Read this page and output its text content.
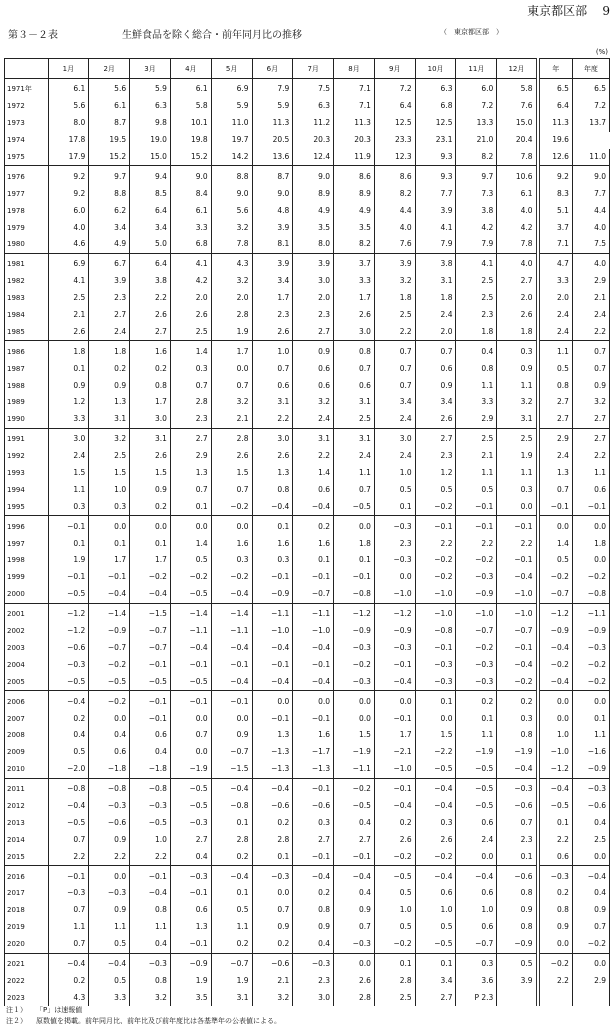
東京都区部 9
第３－２表	生鮮食品を除く総合・前年同月比の推移	（　東京都区部　）
(%)
	1月	2月	3月	4月	5月	6月	7月	8月	9月	10月	11月	12月	年	年度
1971年	6.1	5.6	5.9	6.1	6.9	7.9	7.5	7.1	7.2	6.3	6.0	5.8	6.5	6.5
1972	5.6	6.1	6.3	5.8	5.9	5.9	6.3	7.1	6.4	6.8	7.2	7.6	6.4	7.2
1973	8.0	8.7	9.8	10.1	11.0	11.3	11.2	11.3	12.5	12.5	13.3	15.0	11.3	13.7
1974	17.8	19.5	19.0	19.8	19.7	20.5	20.3	20.3	23.3	23.1	21.0	20.4	19.6	
1975	17.9	15.2	15.0	15.2	14.2	13.6	12.4	11.9	12.3	9.3	8.2	7.8	12.6	11.0
1976	9.2	9.7	9.4	9.0	8.8	8.7	9.0	8.6	8.6	9.3	9.7	10.6	9.2	9.0
1977	9.2	8.8	8.5	8.4	9.0	9.0	8.9	8.9	8.2	7.7	7.3	6.1	8.3	7.7
1978	6.0	6.2	6.4	6.1	5.6	4.8	4.9	4.9	4.4	3.9	3.8	4.0	5.1	4.4
1979	4.0	3.4	3.4	3.3	3.2	3.9	3.5	3.5	4.0	4.1	4.2	4.2	3.7	4.0
1980	4.6	4.9	5.0	6.8	7.8	8.1	8.0	8.2	7.6	7.9	7.9	7.8	7.1	7.5
1981	6.9	6.7	6.4	4.1	4.3	3.9	3.9	3.7	3.9	3.8	4.1	4.0	4.7	4.0
1982	4.1	3.9	3.8	4.2	3.2	3.4	3.0	3.3	3.2	3.1	2.5	2.7	3.3	2.9
1983	2.5	2.3	2.2	2.0	2.0	1.7	2.0	1.7	1.8	1.8	2.5	2.0	2.0	2.1
1984	2.1	2.7	2.6	2.6	2.8	2.3	2.3	2.6	2.5	2.4	2.3	2.6	2.4	2.4
1985	2.6	2.4	2.7	2.5	1.9	2.6	2.7	3.0	2.2	2.0	1.8	1.8	2.4	2.2
1986	1.8	1.8	1.6	1.4	1.7	1.0	0.9	0.8	0.7	0.7	0.4	0.3	1.1	0.7
1987	0.1	0.2	0.2	0.3	0.0	0.7	0.6	0.7	0.7	0.6	0.8	0.9	0.5	0.7
1988	0.9	0.9	0.8	0.7	0.7	0.6	0.6	0.6	0.7	0.9	1.1	1.1	0.8	0.9
1989	1.2	1.3	1.7	2.8	3.2	3.1	3.2	3.1	3.4	3.4	3.3	3.2	2.7	3.2
1990	3.3	3.1	3.0	2.3	2.1	2.2	2.4	2.5	2.4	2.6	2.9	3.1	2.7	2.7
1991	3.0	3.2	3.1	2.7	2.8	3.0	3.1	3.1	3.0	2.7	2.5	2.5	2.9	2.7
1992	2.4	2.5	2.6	2.9	2.6	2.6	2.2	2.4	2.4	2.3	2.1	1.9	2.4	2.2
1993	1.5	1.5	1.5	1.3	1.5	1.3	1.4	1.1	1.0	1.2	1.1	1.1	1.3	1.1
1994	1.1	1.0	0.9	0.7	0.7	0.8	0.6	0.7	0.5	0.5	0.5	0.3	0.7	0.6
1995	0.3	0.3	0.2	0.1	−0.2	−0.4	−0.4	−0.5	0.1	−0.2	−0.1	0.0	−0.1	−0.1
1996	−0.1	0.0	0.0	0.0	0.0	0.1	0.2	0.0	−0.3	−0.1	−0.1	−0.1	0.0	0.0
1997	0.1	0.1	0.1	1.4	1.6	1.6	1.6	1.8	2.3	2.2	2.2	2.2	1.4	1.8
1998	1.9	1.7	1.7	0.5	0.3	0.3	0.1	0.1	−0.3	−0.2	−0.2	−0.1	0.5	0.0
1999	−0.1	−0.1	−0.2	−0.2	−0.2	−0.1	−0.1	−0.1	0.0	−0.2	−0.3	−0.4	−0.2	−0.2
2000	−0.5	−0.4	−0.4	−0.5	−0.4	−0.9	−0.7	−0.8	−1.0	−1.0	−0.9	−1.0	−0.7	−0.8
2001	−1.2	−1.4	−1.5	−1.4	−1.4	−1.1	−1.1	−1.2	−1.2	−1.0	−1.0	−1.0	−1.2	−1.1
2002	−1.2	−0.9	−0.7	−1.1	−1.1	−1.0	−1.0	−0.9	−0.9	−0.8	−0.7	−0.7	−0.9	−0.9
2003	−0.6	−0.7	−0.7	−0.4	−0.4	−0.4	−0.4	−0.3	−0.3	−0.1	−0.2	−0.1	−0.4	−0.3
2004	−0.3	−0.2	−0.1	−0.1	−0.1	−0.1	−0.1	−0.2	−0.1	−0.3	−0.3	−0.4	−0.2	−0.2
2005	−0.5	−0.5	−0.5	−0.5	−0.4	−0.4	−0.4	−0.3	−0.4	−0.3	−0.3	−0.2	−0.4	−0.2
2006	−0.4	−0.2	−0.1	−0.1	−0.1	0.0	0.0	0.0	0.0	0.1	0.2	0.2	0.0	0.0
2007	0.2	0.0	−0.1	0.0	0.0	−0.1	−0.1	0.0	−0.1	0.0	0.1	0.3	0.0	0.1
2008	0.4	0.4	0.6	0.7	0.9	1.3	1.6	1.5	1.7	1.5	1.1	0.8	1.0	1.1
2009	0.5	0.6	0.4	0.0	−0.7	−1.3	−1.7	−1.9	−2.1	−2.2	−1.9	−1.9	−1.0	−1.6
2010	−2.0	−1.8	−1.8	−1.9	−1.5	−1.3	−1.3	−1.1	−1.0	−0.5	−0.5	−0.4	−1.2	−0.9
2011	−0.8	−0.8	−0.8	−0.5	−0.4	−0.4	−0.1	−0.2	−0.1	−0.4	−0.5	−0.3	−0.4	−0.3
2012	−0.4	−0.3	−0.3	−0.5	−0.8	−0.6	−0.6	−0.5	−0.4	−0.4	−0.5	−0.6	−0.5	−0.6
2013	−0.5	−0.6	−0.5	−0.3	0.1	0.2	0.3	0.4	0.2	0.3	0.6	0.7	0.1	0.4
2014	0.7	0.9	1.0	2.7	2.8	2.8	2.7	2.7	2.6	2.6	2.4	2.3	2.2	2.5
2015	2.2	2.2	2.2	0.4	0.2	0.1	−0.1	−0.1	−0.2	−0.2	0.0	0.1	0.6	0.0
2016	−0.1	0.0	−0.1	−0.3	−0.4	−0.3	−0.4	−0.4	−0.5	−0.4	−0.4	−0.6	−0.3	−0.4
2017	−0.3	−0.3	−0.4	−0.1	0.1	0.0	0.2	0.4	0.5	0.6	0.6	0.8	0.2	0.4
2018	0.7	0.9	0.8	0.6	0.5	0.7	0.8	0.9	1.0	1.0	1.0	0.9	0.8	0.9
2019	1.1	1.1	1.1	1.3	1.1	0.9	0.9	0.7	0.5	0.5	0.6	0.8	0.9	0.7
2020	0.7	0.5	0.4	−0.1	0.2	0.2	0.4	−0.3	−0.2	−0.5	−0.7	−0.9	0.0	−0.2
2021	−0.4	−0.4	−0.3	−0.9	−0.7	−0.6	−0.3	0.0	0.1	0.1	0.3	0.5	−0.2	0.0
2022	0.2	0.5	0.8	1.9	1.9	2.1	2.3	2.6	2.8	3.4	3.6	3.9	2.2	2.9
2023	4.3	3.3	3.2	3.5	3.1	3.2	3.0	2.8	2.5	2.7	P 2.3			
注１） 「P」は速報値
注２） 原数値を掲載。前年同月比、前年比及び前年度比は各基準年の公表値による。
